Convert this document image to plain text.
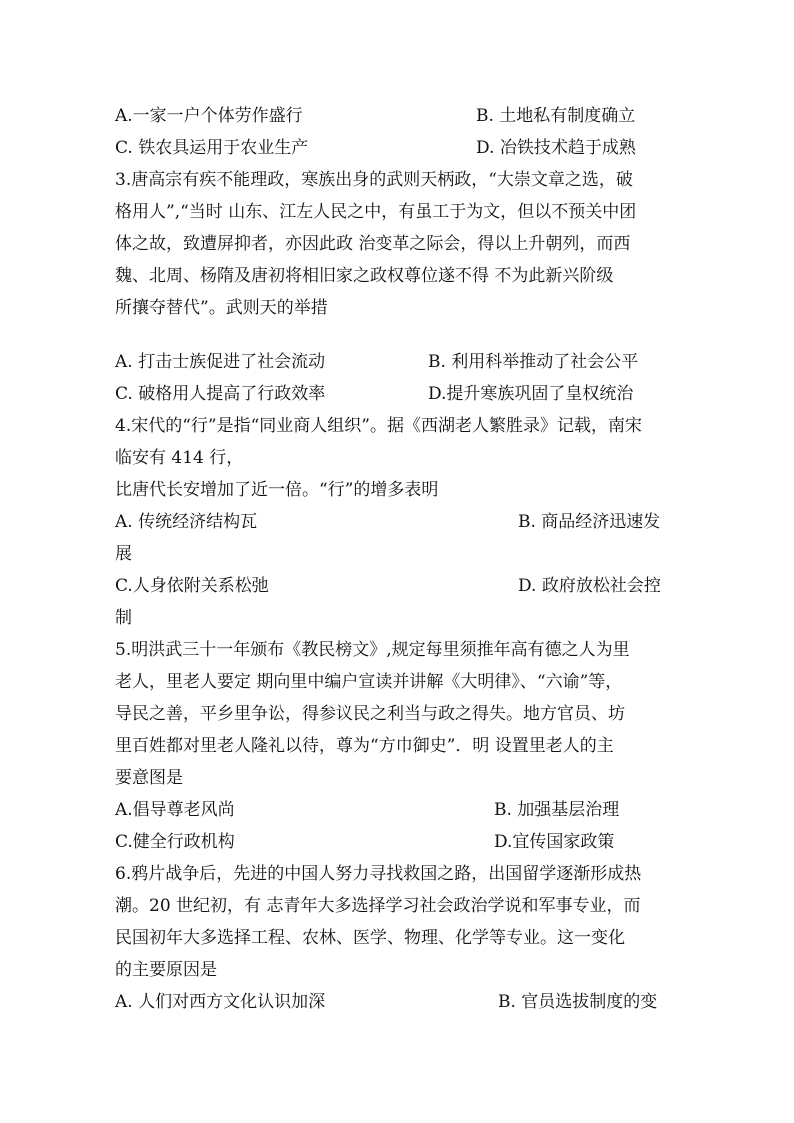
A.一家一户个体劳作盛行	B. 土地私有制度确立
C. 铁农具运用于农业生产	D. 冶铁技术趋于成熟
3.唐高宗有疾不能理政，寒族出身的武则天柄政，“大崇文章之选，破
格用人”,“当时 山东、江左人民之中，有虽工于为文，但以不预关中团
体之故，致遭屏抑者，亦因此政 治变革之际会，得以上升朝列，而西
魏、北周、杨隋及唐初将相旧家之政权尊位遂不得 不为此新兴阶级
所攘夺替代”。武则天的举措
A. 打击士族促进了社会流动	B. 利用科举推动了社会公平
C. 破格用人提高了行政效率	D.提升寒族巩固了皇权统治
4.宋代的“行”是指“同业商人组织”。据《西湖老人繁胜录》记载，南宋
临安有 414 行，
比唐代长安增加了近一倍。“行”的增多表明
A. 传统经济结构瓦	B. 商品经济迅速发
展
C.人身依附关系松弛	D. 政府放松社会控
制
5.明洪武三十一年颁布《教民榜文》,规定每里须推年高有德之人为里
老人，里老人要定 期向里中编户宣读并讲解《大明律》、“六谕”等，
导民之善，平乡里争讼，得参议民之利当与政之得失。地方官员、坊
里百姓都对里老人隆礼以待，尊为“方巾御史”．明 设置里老人的主
要意图是
A.倡导尊老风尚	B. 加强基层治理
C.健全行政机构	D.宜传国家政策
6.鸦片战争后，先进的中国人努力寻找救国之路，出国留学逐渐形成热
潮。20 世纪初，有 志青年大多选择学习社会政治学说和军事专业，而
民国初年大多选择工程、农林、医学、物理、化学等专业。这一变化
的主要原因是
A. 人们对西方文化认识加深	B. 官员选拔制度的变
